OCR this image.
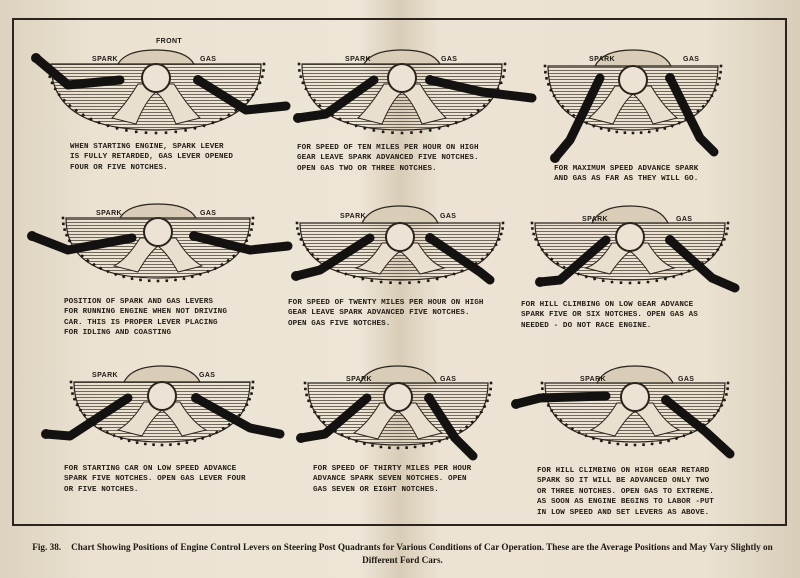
FRONT
SPARK	GAS
WHEN STARTING ENGINE, SPARK LEVER
IS FULLY RETARDED, GAS LEVER OPENED
FOUR OR FIVE NOTCHES.
SPARK	GAS
FOR SPEED OF TEN MILES PER HOUR ON HIGH
GEAR LEAVE SPARK ADVANCED FIVE NOTCHES.
OPEN GAS TWO OR THREE NOTCHES.
SPARK	GAS
FOR MAXIMUM SPEED ADVANCE SPARK
AND GAS AS FAR AS THEY WILL GO.
SPARK	GAS
POSITION OF SPARK AND GAS LEVERS
FOR RUNNING ENGINE WHEN NOT DRIVING
CAR. THIS IS PROPER LEVER PLACING
FOR IDLING AND COASTING
SPARK	GAS
FOR SPEED OF TWENTY MILES PER HOUR ON HIGH
GEAR LEAVE SPARK ADVANCED FIVE NOTCHES.
OPEN GAS FIVE NOTCHES.
SPARK	GAS
FOR HILL CLIMBING ON LOW GEAR ADVANCE
SPARK FIVE OR SIX NOTCHES. OPEN GAS AS
NEEDED - DO NOT RACE ENGINE.
SPARK	GAS
FOR STARTING CAR ON LOW SPEED ADVANCE
SPARK FIVE NOTCHES. OPEN GAS LEVER FOUR
OR FIVE NOTCHES.
SPARK	GAS
FOR SPEED OF THIRTY MILES PER HOUR
ADVANCE SPARK SEVEN NOTCHES. OPEN
GAS SEVEN OR EIGHT NOTCHES.
SPARK	GAS
FOR HILL CLIMBING ON HIGH GEAR RETARD
SPARK SO IT WILL BE ADVANCED ONLY TWO
OR THREE NOTCHES. OPEN GAS TO EXTREME.
AS SOON AS ENGINE BEGINS TO LABOR -PUT
IN LOW SPEED AND SET LEVERS AS ABOVE.
Fig. 38. Chart Showing Positions of Engine Control Levers on Steering Post Quadrants for Various Conditions of Car Operation. These are the Average Positions and May Vary Slightly on Different Ford Cars.
